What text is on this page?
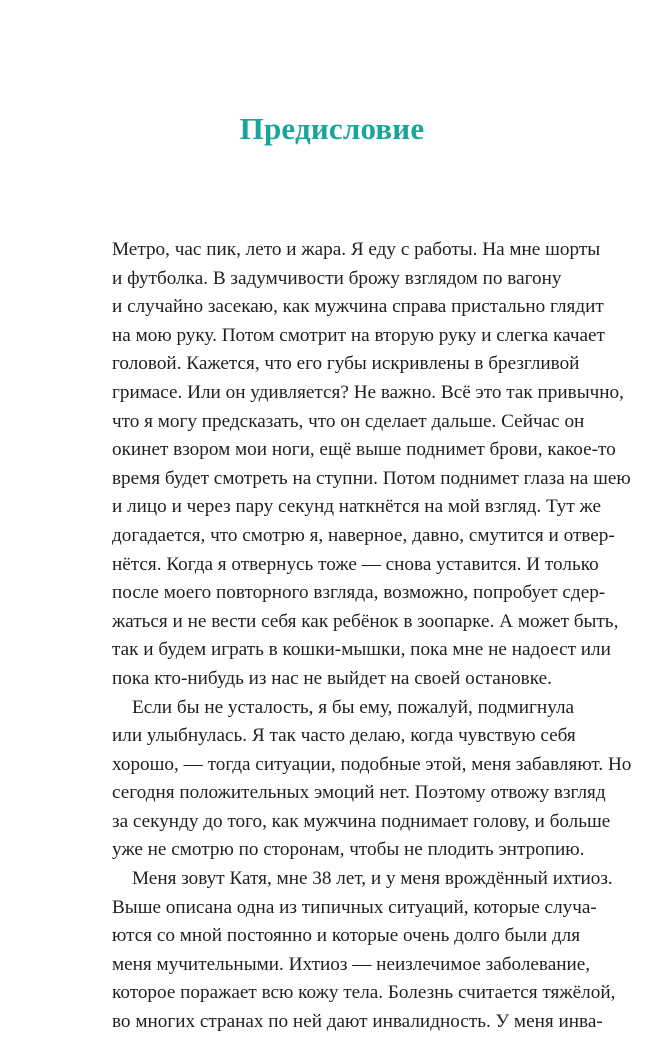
Предисловие
Метро, час пик, лето и жара. Я еду с работы. На мне шорты
и футболка. В задумчивости брожу взглядом по вагону
и случайно засекаю, как мужчина справа пристально глядит
на мою руку. Потом смотрит на вторую руку и слегка качает
головой. Кажется, что его губы искривлены в брезгливой
гримасе. Или он удивляется? Не важно. Всё это так привычно,
что я могу предсказать, что он сделает дальше. Сейчас он
окинет взором мои ноги, ещё выше поднимет брови, какое-то
время будет смотреть на ступни. Потом поднимет глаза на шею
и лицо и через пару секунд наткнётся на мой взгляд. Тут же
догадается, что смотрю я, наверное, давно, смутится и отвер-
нётся. Когда я отвернусь тоже — снова уставится. И только
после моего повторного взгляда, возможно, попробует сдер-
жаться и не вести себя как ребёнок в зоопарке. А может быть,
так и будем играть в кошки-мышки, пока мне не надоест или
пока кто-нибудь из нас не выйдет на своей остановке.
Если бы не усталость, я бы ему, пожалуй, подмигнула
или улыбнулась. Я так часто делаю, когда чувствую себя
хорошо, — тогда ситуации, подобные этой, меня забавляют. Но
сегодня положительных эмоций нет. Поэтому отвожу взгляд
за секунду до того, как мужчина поднимает голову, и больше
уже не смотрю по сторонам, чтобы не плодить энтропию.
Меня зовут Катя, мне 38 лет, и у меня врождённый ихтиоз.
Выше описана одна из типичных ситуаций, которые случа-
ются со мной постоянно и которые очень долго были для
меня мучительными. Ихтиоз — неизлечимое заболевание,
которое поражает всю кожу тела. Болезнь считается тяжёлой,
во многих странах по ней дают инвалидность. У меня инва-
